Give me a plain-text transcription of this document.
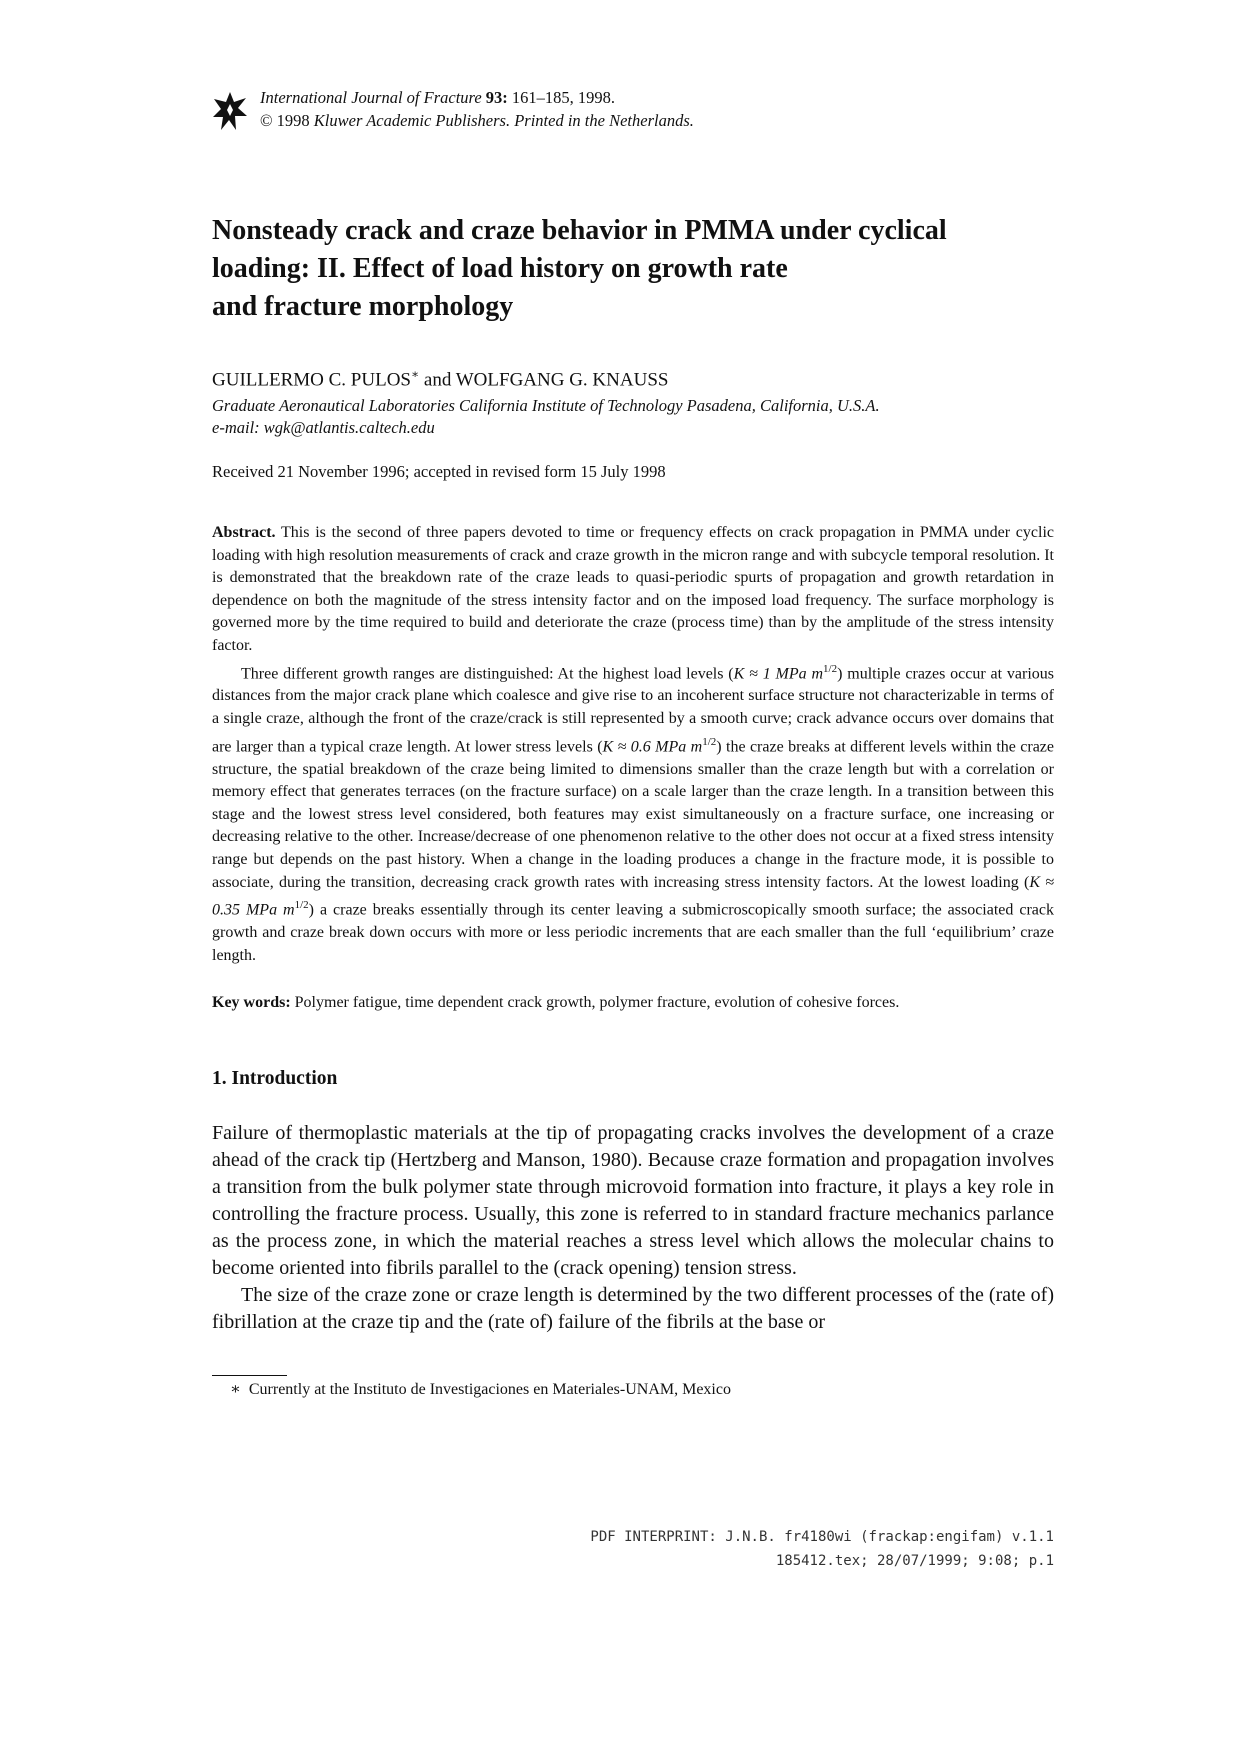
International Journal of Fracture 93: 161–185, 1998.
© 1998 Kluwer Academic Publishers. Printed in the Netherlands.
Nonsteady crack and craze behavior in PMMA under cyclical
loading: II. Effect of load history on growth rate
and fracture morphology
GUILLERMO C. PULOS∗ and WOLFGANG G. KNAUSS
Graduate Aeronautical Laboratories California Institute of Technology Pasadena, California, U.S.A.
e-mail: wgk@atlantis.caltech.edu
Received 21 November 1996; accepted in revised form 15 July 1998

Abstract. This is the second of three papers devoted to time or frequency effects on crack propagation in PMMA under cyclic loading with high resolution measurements of crack and craze growth in the micron range and with subcycle temporal resolution. It is demonstrated that the breakdown rate of the craze leads to quasi-periodic spurts of propagation and growth retardation in dependence on both the magnitude of the stress intensity factor and on the imposed load frequency. The surface morphology is governed more by the time required to build and deteriorate the craze (process time) than by the amplitude of the stress intensity factor.

Three different growth ranges are distinguished: At the highest load levels (K ≈ 1 MPa $m^{1/2}$) multiple crazes occur at various distances from the major crack plane which coalesce and give rise to an incoherent surface structure not characterizable in terms of a single craze, although the front of the craze/crack is still represented by a smooth curve; crack advance occurs over domains that are larger than a typical craze length. At lower stress levels (K ≈ 0.6 MPa $m^{1/2}$) the craze breaks at different levels within the craze structure, the spatial breakdown of the craze being limited to dimensions smaller than the craze length but with a correlation or memory effect that generates terraces (on the fracture surface) on a scale larger than the craze length. In a transition between this stage and the lowest stress level considered, both features may exist simultaneously on a fracture surface, one increasing or decreasing relative to the other. Increase/decrease of one phenomenon relative to the other does not occur at a fixed stress intensity range but depends on the past history. When a change in the loading produces a change in the fracture mode, it is possible to associate, during the transition, decreasing crack growth rates with increasing stress intensity factors. At the lowest loading (K ≈ 0.35 MPa $m^{1/2}$) a craze breaks essentially through its center leaving a submicroscopically smooth surface; the associated crack growth and craze break down occurs with more or less periodic increments that are each smaller than the full ‘equilibrium’ craze length.

Key words: Polymer fatigue, time dependent crack growth, polymer fracture, evolution of cohesive forces.
1. Introduction

Failure of thermoplastic materials at the tip of propagating cracks involves the development of a craze ahead of the crack tip (Hertzberg and Manson, 1980). Because craze formation and propagation involves a transition from the bulk polymer state through microvoid formation into fracture, it plays a key role in controlling the fracture process. Usually, this zone is referred to in standard fracture mechanics parlance as the process zone, in which the material reaches a stress level which allows the molecular chains to become oriented into fibrils parallel to the (crack opening) tension stress.

The size of the craze zone or craze length is determined by the two different processes of the (rate of) fibrillation at the craze tip and the (rate of) failure of the fibrils at the base or

∗ Currently at the Instituto de Investigaciones en Materiales-UNAM, Mexico
PDF INTERPRINT: J.N.B. fr4180wi (frackap:engifam) v.1.1
185412.tex; 28/07/1999; 9:08; p.1
